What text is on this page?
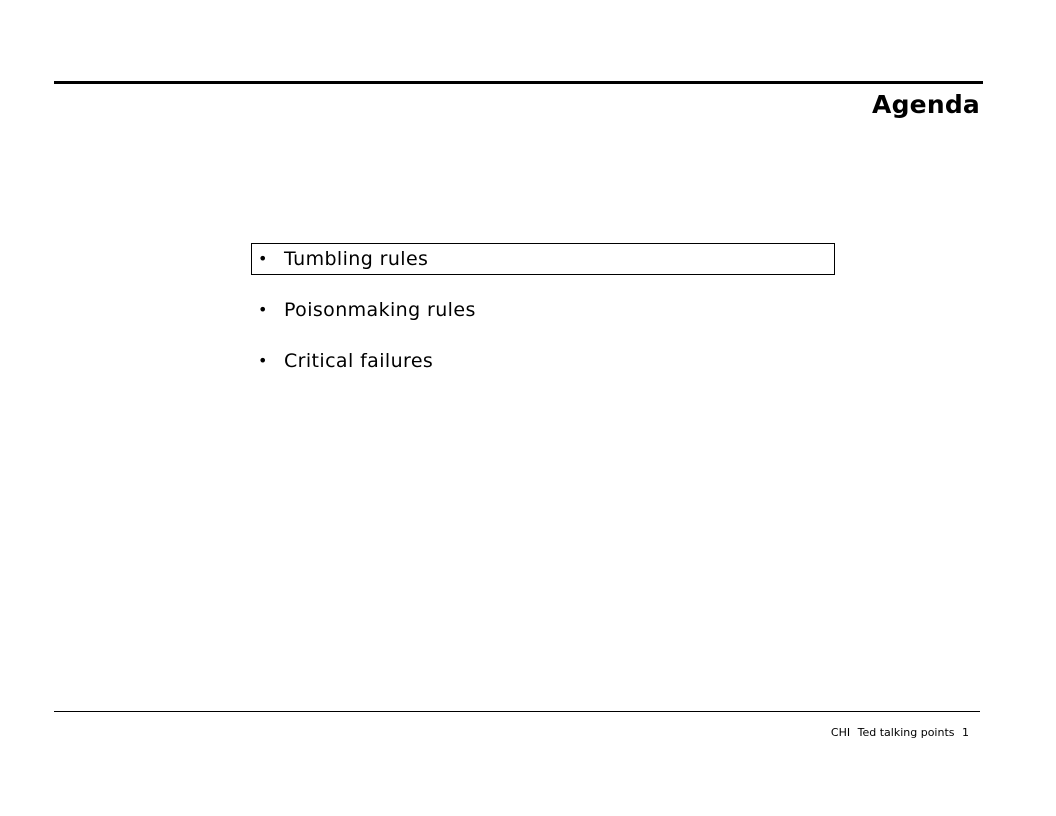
Agenda
• Tumbling rules
• Poisonmaking rules
• Critical failures
CHI Ted talking points 1
